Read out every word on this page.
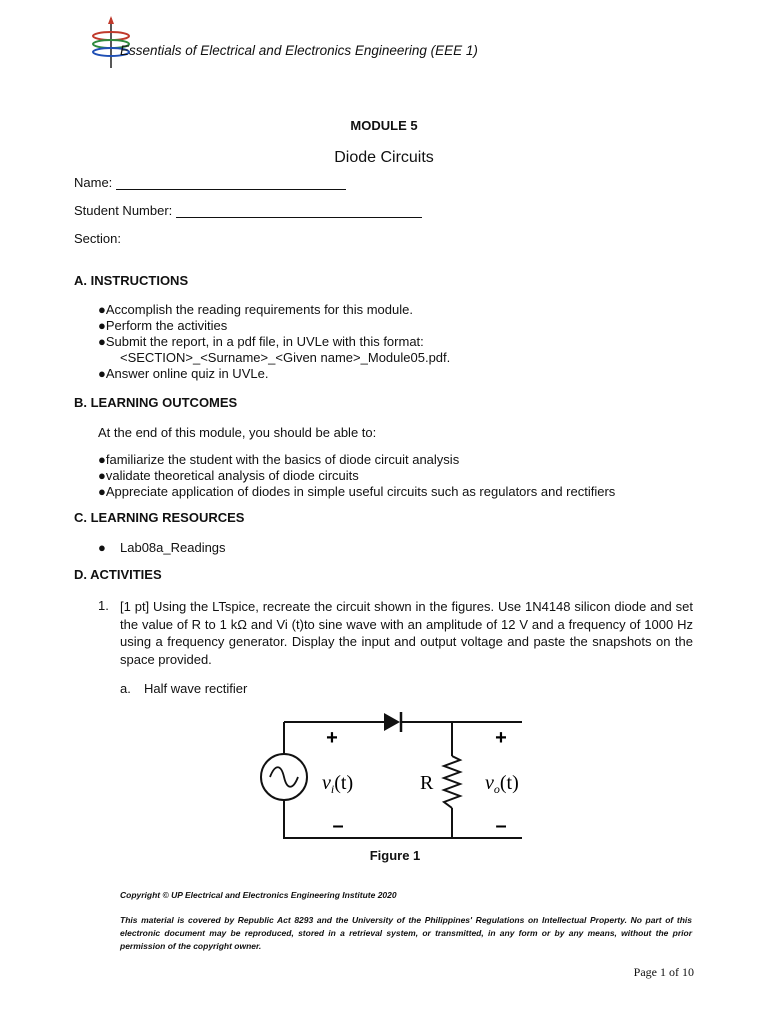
Essentials of Electrical and Electronics Engineering (EEE 1)
MODULE 5
Diode Circuits
Name:
Student Number:
Section:
A. INSTRUCTIONS
●Accomplish the reading requirements for this module.
●Perform the activities
●Submit the report, in a pdf file, in UVLe with this format:
<SECTION>_<Surname>_<Given name>_Module05.pdf.
●Answer online quiz in UVLe.
B. LEARNING OUTCOMES
At the end of this module, you should be able to:
●familiarize the student with the basics of diode circuit analysis
●validate theoretical analysis of diode circuits
●Appreciate application of diodes in simple useful circuits such as regulators and rectifiers
C. LEARNING RESOURCES
● Lab08a_Readings
D. ACTIVITIES
1. [1 pt] Using the LTspice, recreate the circuit shown in the figures. Use 1N4148 silicon diode and set the value of R to 1 kΩ and Vi (t)to sine wave with an amplitude of 12 V and a frequency of 1000 Hz using a frequency generator. Display the input and output voltage and paste the snapshots on the space provided.
a. Half wave rectifier
+	+
–	–
R
$v_i(t)$	$v_o(t)$
Figure 1
Copyright © UP Electrical and Electronics Engineering Institute 2020
This material is covered by Republic Act 8293 and the University of the Philippines' Regulations on Intellectual Property. No part of this electronic document may be reproduced, stored in a retrieval system, or transmitted, in any form or by any means, without the prior permission of the copyright owner.
Page 1 of 10
